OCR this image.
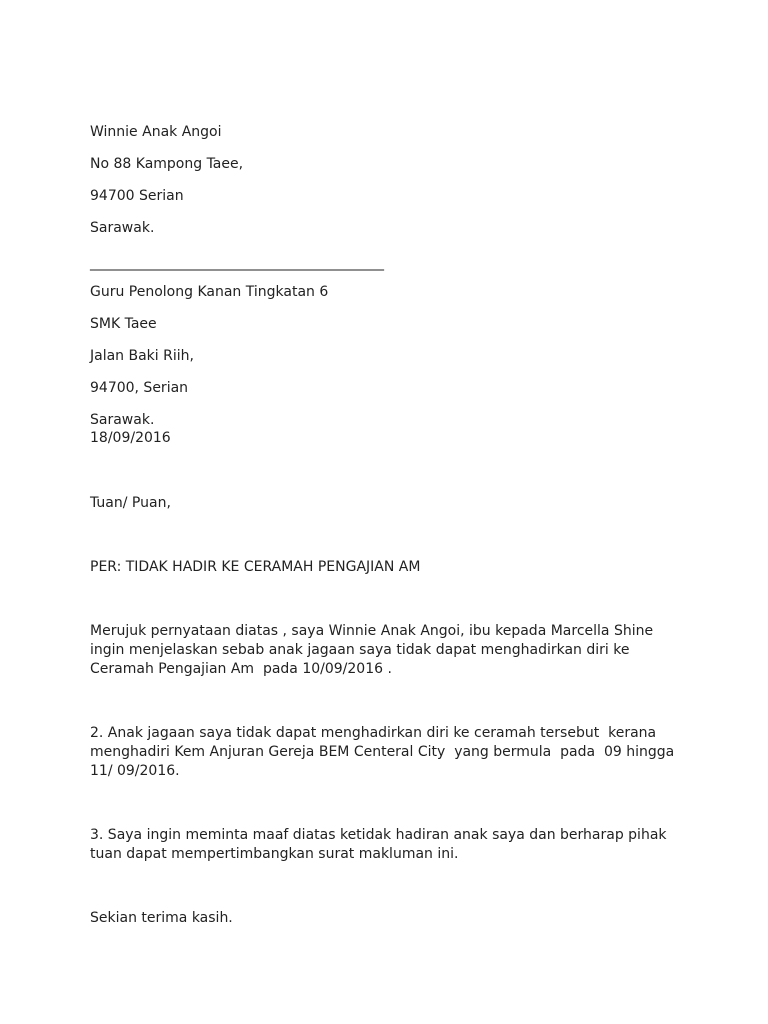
Winnie Anak Angoi
No 88 Kampong Taee,
94700 Serian
Sarawak.
__________________________________________
Guru Penolong Kanan Tingkatan 6
SMK Taee
Jalan Baki Riih,
94700, Serian
Sarawak.
18/09/2016
Tuan/ Puan,
PER: TIDAK HADIR KE CERAMAH PENGAJIAN AM
Merujuk pernyataan diatas , saya Winnie Anak Angoi, ibu kepada Marcella Shine
ingin menjelaskan sebab anak jagaan saya tidak dapat menghadirkan diri ke
Ceramah Pengajian Am  pada 10/09/2016 .
2. Anak jagaan saya tidak dapat menghadirkan diri ke ceramah tersebut  kerana
menghadiri Kem Anjuran Gereja BEM Centeral City  yang bermula  pada  09 hingga
11/ 09/2016.
3. Saya ingin meminta maaf diatas ketidak hadiran anak saya dan berharap pihak
tuan dapat mempertimbangkan surat makluman ini.
Sekian terima kasih.
